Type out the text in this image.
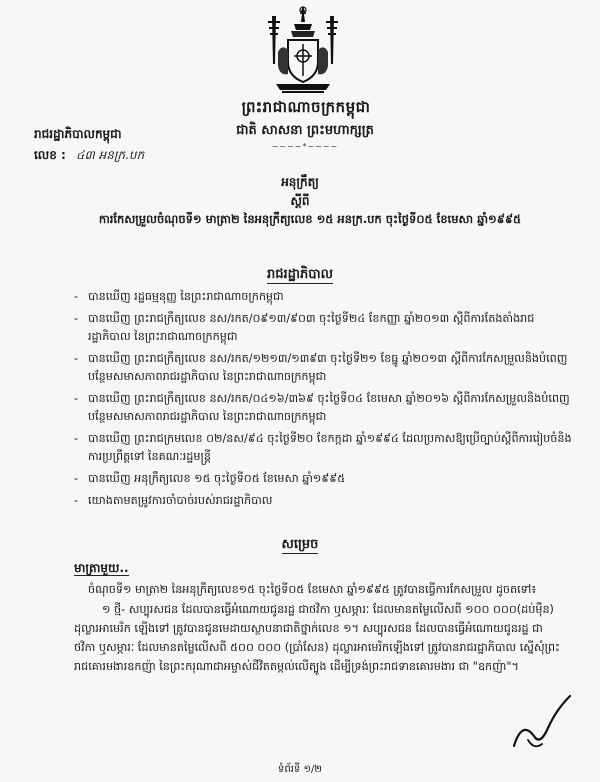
ព្រះរាជាណាចក្រកម្ពុជា
ជាតិ សាសនា ព្រះមហាក្សត្រ
~~~~*~~~~
រាជរដ្ឋាភិបាលកម្ពុជា
លេខ : ៤៣ អនក្រ.បក
អនុក្រឹត្យ
ស្តីពី
ការកែសម្រួលចំណុចទី១ មាត្រា២ នៃអនុក្រឹត្យលេខ ១៥ អនក្រ.បក ចុះថ្ងៃទី០៥ ខែមេសា ឆ្នាំ១៩៩៥
រាជរដ្ឋាភិបាល
- បានឃើញ រដ្ឋធម្មនុញ្ញ នៃព្រះរាជាណាចក្រកម្ពុជា
- បានឃើញ ព្រះរាជក្រឹត្យលេខ នស/រកត/០៩១៣/៩០៣ ចុះថ្ងៃទី២៤ ខែកញ្ញា ឆ្នាំ២០១៣ ស្តីពីការតែងតាំងរាជរដ្ឋាភិបាល នៃព្រះរាជាណាចក្រកម្ពុជា
- បានឃើញ ព្រះរាជក្រឹត្យលេខ នស/រកត/១២១៣/១៣៩៣ ចុះថ្ងៃទី២១ ខែធ្នូ ឆ្នាំ២០១៣ ស្តីពីការកែសម្រួលនិងបំពេញបន្ថែមសមាសភាពរាជរដ្ឋាភិបាល នៃព្រះរាជាណាចក្រកម្ពុជា
- បានឃើញ ព្រះរាជក្រឹត្យលេខ នស/រកត/០៤១៦/៣៦៩ ចុះថ្ងៃទី០៤ ខែមេសា ឆ្នាំ២០១៦ ស្តីពីការកែសម្រួលនិងបំពេញបន្ថែមសមាសភាពរាជរដ្ឋាភិបាល នៃព្រះរាជាណាចក្រកម្ពុជា
- បានឃើញ ព្រះរាជក្រមលេខ ០២/នស/៩៤ ចុះថ្ងៃទី២០ ខែកក្កដា ឆ្នាំ១៩៩៤ ដែលប្រកាសឱ្យប្រើច្បាប់ស្តីពីការរៀបចំនិងការប្រព្រឹត្តទៅ នៃគណៈរដ្ឋមន្ត្រី
- បានឃើញ អនុក្រឹត្យលេខ ១៥ ចុះថ្ងៃទី០៥ ខែមេសា ឆ្នាំ១៩៩៥
- យោងតាមតម្រូវការចាំបាច់របស់រាជរដ្ឋាភិបាល
សម្រេច
មាត្រាមួយ..
ចំណុចទី១ មាត្រា២ នៃអនុក្រឹត្យលេខ១៥ ចុះថ្ងៃទី០៥ ខែមេសា ឆ្នាំ១៩៩៥ ត្រូវបានធ្វើការកែសម្រួល ដូចតទៅ៖
១ ថ្មី- សប្បុរសជន ដែលបានធ្វើអំណោយជូនរដ្ឋ ជាថវិកា ឬសម្ភារៈ ដែលមានតម្លៃលើសពី ១០០ ០០០(ដប់ម៉ឺន) ដុល្លារអាមេរិក ឡើងទៅ ត្រូវបានជូនមេដាយស្ថាបនាជាតិថ្នាក់លេខ ១។ សប្បុរសជន ដែលបានធ្វើអំណោយជូនរដ្ឋ ជាថវិកា ឬសម្ភារៈ ដែលមានតម្លៃលើសពី ៥០០ ០០០ (ប្រាំសែន) ដុល្លារអាមេរិកឡើងទៅ ត្រូវបានរាជរដ្ឋាភិបាល ស្នើសុំព្រះរាជគោរមងារឧកញ៉ា នៃព្រះករុណាជាអម្ចាស់ជីវិតតម្កល់លើត្បូង ដើម្បីទ្រង់ព្រះរាជទានគោរមងារ ជា "ឧកញ៉ា"។
ទំព័រទី ១/២
